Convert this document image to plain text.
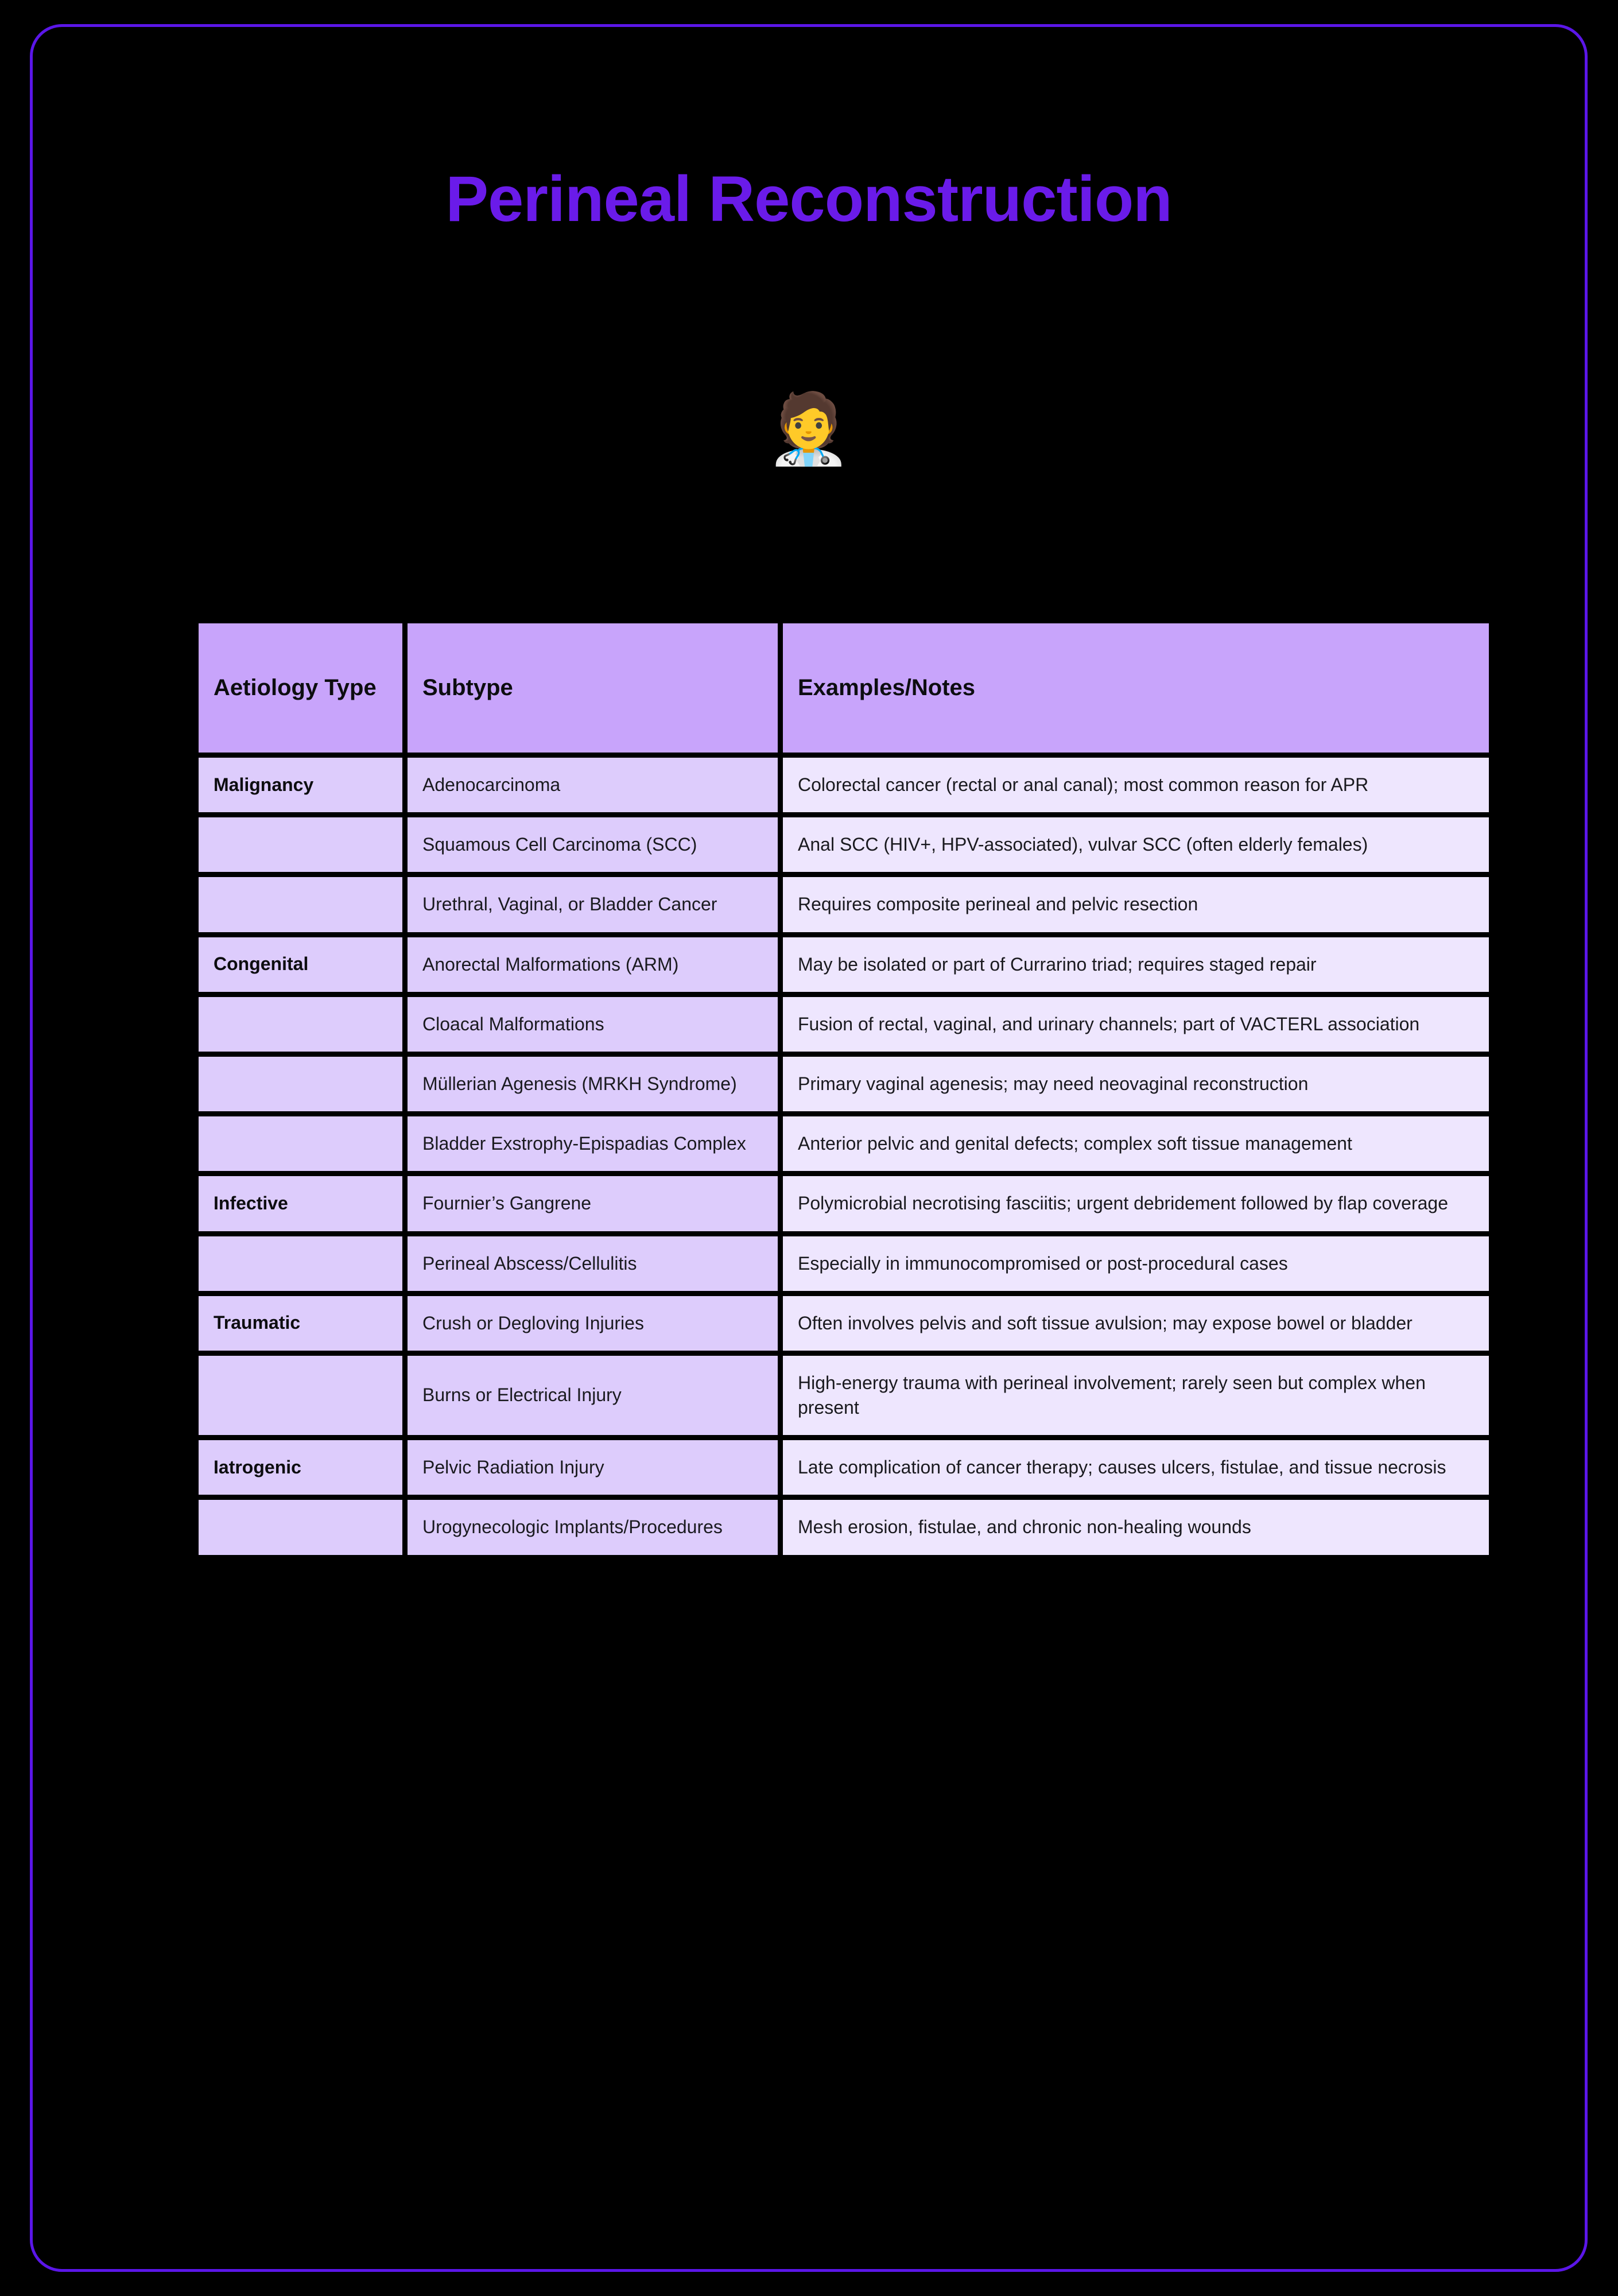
Perineal Reconstruction
🧑‍⚕️
Aetiology Type	Subtype	Examples/Notes
Malignancy	Adenocarcinoma	Colorectal cancer (rectal or anal canal); most common reason for APR
	Squamous Cell Carcinoma (SCC)	Anal SCC (HIV+, HPV-associated), vulvar SCC (often elderly females)
	Urethral, Vaginal, or Bladder Cancer	Requires composite perineal and pelvic resection
Congenital	Anorectal Malformations (ARM)	May be isolated or part of Currarino triad; requires staged repair
	Cloacal Malformations	Fusion of rectal, vaginal, and urinary channels; part of VACTERL association
	Müllerian Agenesis (MRKH Syndrome)	Primary vaginal agenesis; may need neovaginal reconstruction
	Bladder Exstrophy-Epispadias Complex	Anterior pelvic and genital defects; complex soft tissue management
Infective	Fournier’s Gangrene	Polymicrobial necrotising fasciitis; urgent debridement followed by flap coverage
	Perineal Abscess/Cellulitis	Especially in immunocompromised or post-procedural cases
Traumatic	Crush or Degloving Injuries	Often involves pelvis and soft tissue avulsion; may expose bowel or bladder
	Burns or Electrical Injury	High-energy trauma with perineal involvement; rarely seen but complex when present
Iatrogenic	Pelvic Radiation Injury	Late complication of cancer therapy; causes ulcers, fistulae, and tissue necrosis
	Urogynecologic Implants/Procedures	Mesh erosion, fistulae, and chronic non-healing wounds
